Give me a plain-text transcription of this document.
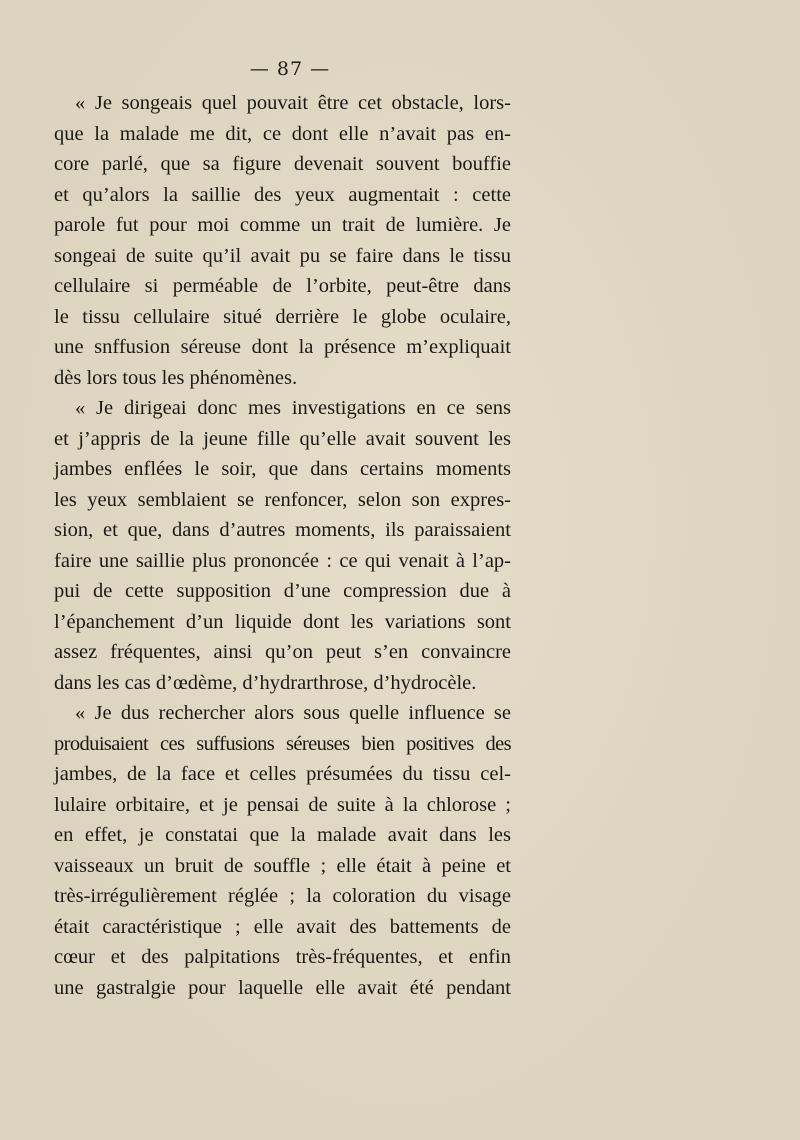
— 87 —
« Je songeais quel pouvait être cet obstacle, lors-
que la malade me dit, ce dont elle n’avait pas en-
core parlé, que sa figure devenait souvent bouffie
et qu’alors la saillie des yeux augmentait : cette
parole fut pour moi comme un trait de lumière. Je
songeai de suite qu’il avait pu se faire dans le tissu
cellulaire si perméable de l’orbite, peut-être dans
le tissu cellulaire situé derrière le globe oculaire,
une snffusion séreuse dont la présence m’expliquait
dès lors tous les phénomènes.
« Je dirigeai donc mes investigations en ce sens
et j’appris de la jeune fille qu’elle avait souvent les
jambes enflées le soir, que dans certains moments
les yeux semblaient se renfoncer, selon son expres-
sion, et que, dans d’autres moments, ils paraissaient
faire une saillie plus prononcée : ce qui venait à l’ap-
pui de cette supposition d’une compression due à
l’épanchement d’un liquide dont les variations sont
assez fréquentes, ainsi qu’on peut s’en convaincre
dans les cas d’œdème, d’hydrarthrose, d’hydrocèle.
« Je dus rechercher alors sous quelle influence se
produisaient ces suffusions séreuses bien positives des
jambes, de la face et celles présumées du tissu cel-
lulaire orbitaire, et je pensai de suite à la chlorose ;
en effet, je constatai que la malade avait dans les
vaisseaux un bruit de souffle ; elle était à peine et
très-irrégulièrement réglée ; la coloration du visage
était caractéristique ; elle avait des battements de
cœur et des palpitations très-fréquentes, et enfin
une gastralgie pour laquelle elle avait été pendant
